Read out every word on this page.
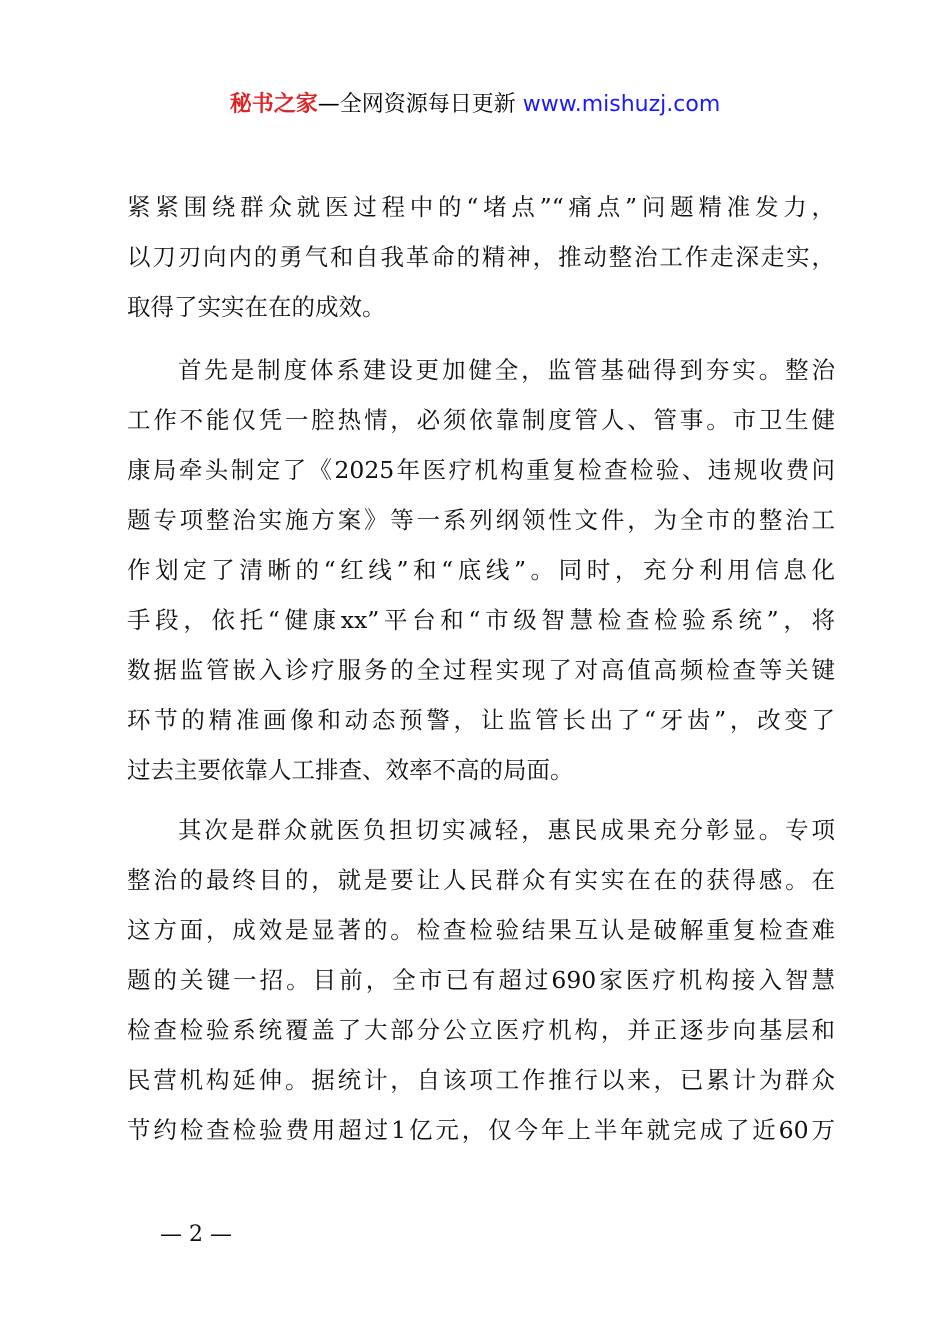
秘书之家—全网资源每日更新 www.mishuzj.com
紧紧围绕群众就医过程中的“堵点”“痛点”问题精准发力，
以刀刃向内的勇气和自我革命的精神，推动整治工作走深走实，
取得了实实在在的成效。
首先是制度体系建设更加健全，监管基础得到夯实。整治
工作不能仅凭一腔热情，必须依靠制度管人、管事。市卫生健
康局牵头制定了《2025年医疗机构重复检查检验、违规收费问
题专项整治实施方案》等一系列纲领性文件，为全市的整治工
作划定了清晰的“红线”和“底线”。同时，充分利用信息化
手段，依托“健康xx”平台和“市级智慧检查检验系统”，将
数据监管嵌入诊疗服务的全过程实现了对高值高频检查等关键
环节的精准画像和动态预警，让监管长出了“牙齿”，改变了
过去主要依靠人工排查、效率不高的局面。
其次是群众就医负担切实减轻，惠民成果充分彰显。专项
整治的最终目的，就是要让人民群众有实实在在的获得感。在
这方面，成效是显著的。检查检验结果互认是破解重复检查难
题的关键一招。目前，全市已有超过690家医疗机构接入智慧
检查检验系统覆盖了大部分公立医疗机构，并正逐步向基层和
民营机构延伸。据统计，自该项工作推行以来，已累计为群众
节约检查检验费用超过1亿元，仅今年上半年就完成了近60万
— 2 —
